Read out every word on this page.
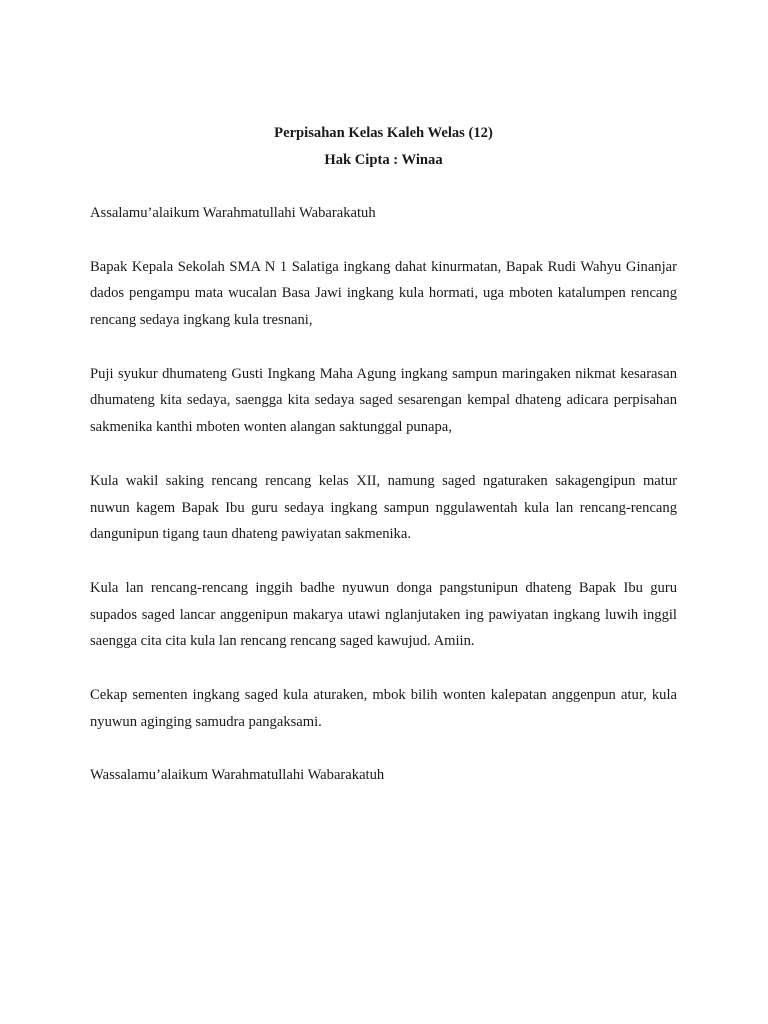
Perpisahan Kelas Kaleh Welas (12)
Hak Cipta : Winaa

Assalamu’alaikum Warahmatullahi Wabarakatuh

Bapak Kepala Sekolah SMA N 1 Salatiga ingkang dahat kinurmatan, Bapak Rudi Wahyu Ginanjar dados pengampu mata wucalan Basa Jawi ingkang kula hormati, uga mboten katalumpen rencang rencang sedaya ingkang kula tresnani,

Puji syukur dhumateng Gusti Ingkang Maha Agung ingkang sampun maringaken nikmat kesarasan dhumateng kita sedaya, saengga kita sedaya saged sesarengan kempal dhateng adicara perpisahan sakmenika kanthi mboten wonten alangan saktunggal punapa,

Kula wakil saking rencang rencang kelas XII, namung saged ngaturaken sakagengipun matur nuwun kagem Bapak Ibu guru sedaya ingkang sampun nggulawentah kula lan rencang-rencang dangunipun tigang taun dhateng pawiyatan sakmenika.

Kula lan rencang-rencang inggih badhe nyuwun donga pangstunipun dhateng Bapak Ibu guru supados saged lancar anggenipun makarya utawi nglanjutaken ing pawiyatan ingkang luwih inggil saengga cita cita kula lan rencang rencang saged kawujud. Amiin.

Cekap sementen ingkang saged kula aturaken, mbok bilih wonten kalepatan anggenpun atur, kula nyuwun aginging samudra pangaksami.

Wassalamu’alaikum Warahmatullahi Wabarakatuh
